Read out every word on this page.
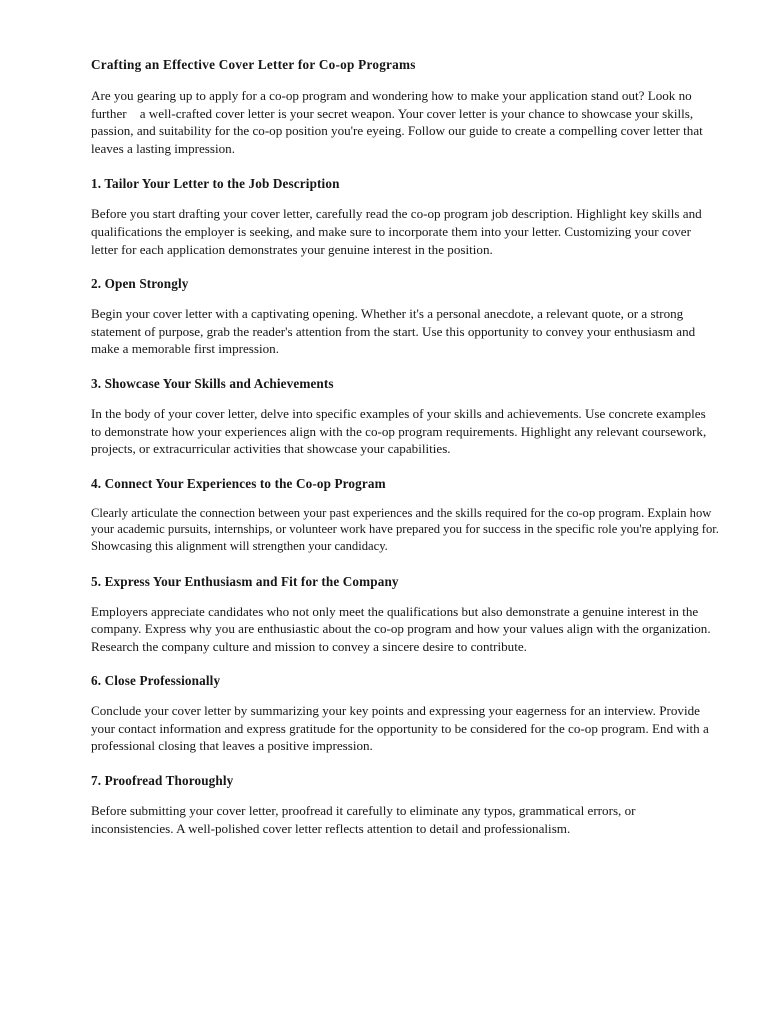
Crafting an Effective Cover Letter for Co-op Programs

Are you gearing up to apply for a co-op program and wondering how to make your application stand out? Look no further    a well-crafted cover letter is your secret weapon. Your cover letter is your chance to showcase your skills, passion, and suitability for the co-op position you're eyeing. Follow our guide to create a compelling cover letter that leaves a lasting impression.

1. Tailor Your Letter to the Job Description

Before you start drafting your cover letter, carefully read the co-op program job description. Highlight key skills and qualifications the employer is seeking, and make sure to incorporate them into your letter. Customizing your cover letter for each application demonstrates your genuine interest in the position.

2. Open Strongly

Begin your cover letter with a captivating opening. Whether it's a personal anecdote, a relevant quote, or a strong statement of purpose, grab the reader's attention from the start. Use this opportunity to convey your enthusiasm and make a memorable first impression.

3. Showcase Your Skills and Achievements

In the body of your cover letter, delve into specific examples of your skills and achievements. Use concrete examples to demonstrate how your experiences align with the co-op program requirements. Highlight any relevant coursework, projects, or extracurricular activities that showcase your capabilities.

4. Connect Your Experiences to the Co-op Program

Clearly articulate the connection between your past experiences and the skills required for the co-op program. Explain how your academic pursuits, internships, or volunteer work have prepared you for success in the specific role you're applying for. Showcasing this alignment will strengthen your candidacy.

5. Express Your Enthusiasm and Fit for the Company

Employers appreciate candidates who not only meet the qualifications but also demonstrate a genuine interest in the company. Express why you are enthusiastic about the co-op program and how your values align with the organization. Research the company culture and mission to convey a sincere desire to contribute.

6. Close Professionally

Conclude your cover letter by summarizing your key points and expressing your eagerness for an interview. Provide your contact information and express gratitude for the opportunity to be considered for the co-op program. End with a professional closing that leaves a positive impression.

7. Proofread Thoroughly

Before submitting your cover letter, proofread it carefully to eliminate any typos, grammatical errors, or inconsistencies. A well-polished cover letter reflects attention to detail and professionalism.
